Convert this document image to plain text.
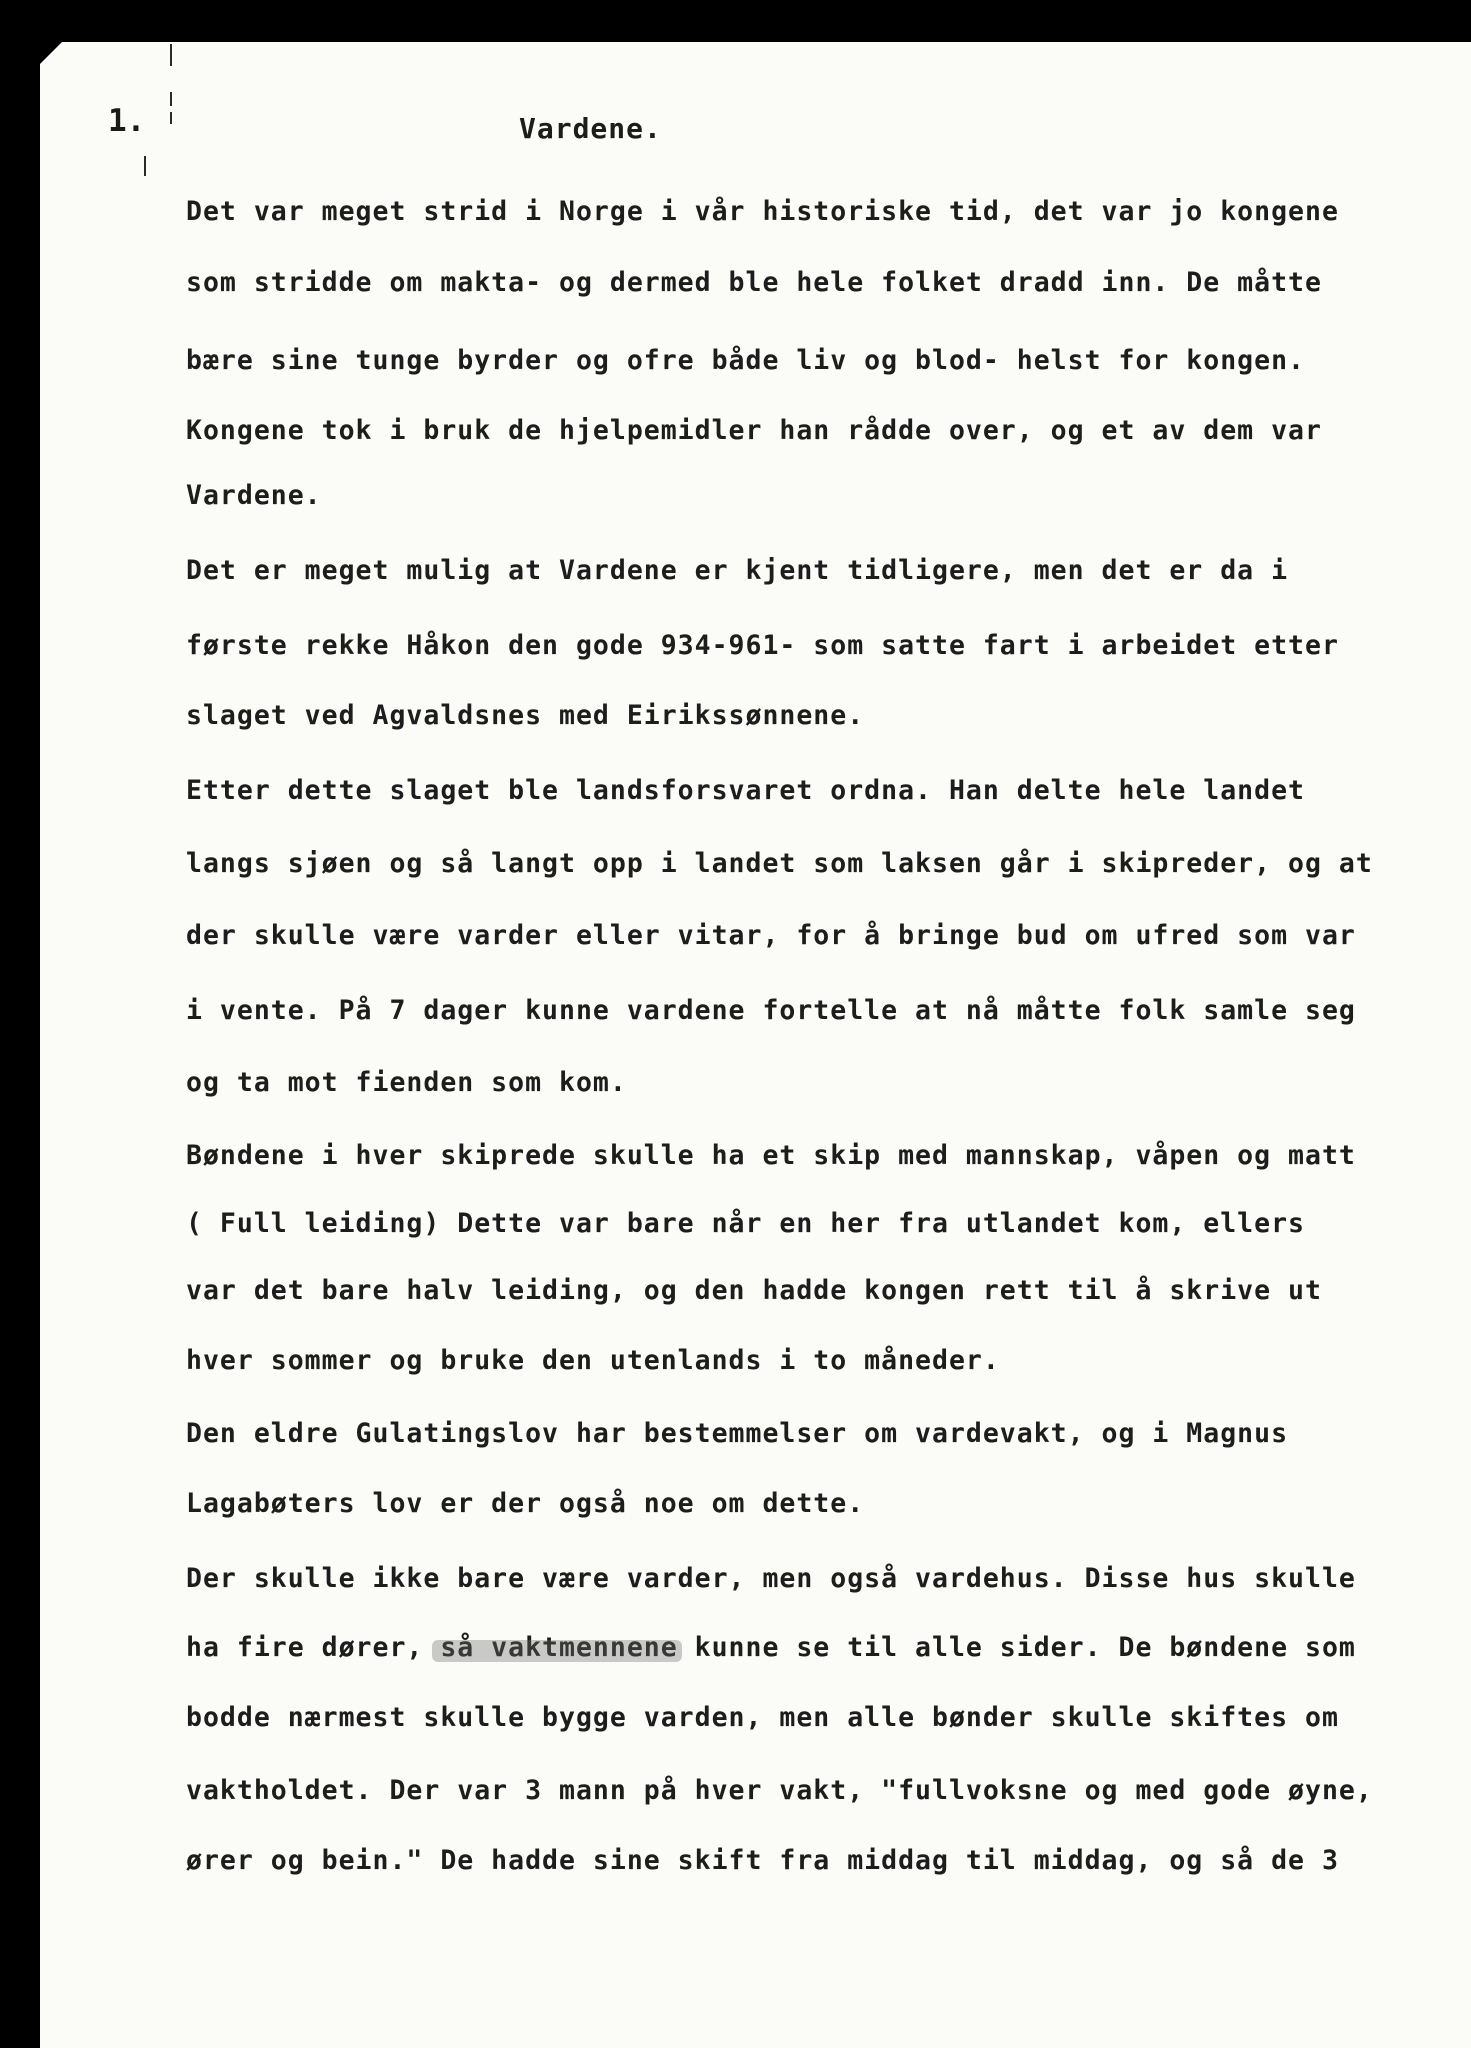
1.	Vardene.

Det var meget strid i Norge i vår historiske tid, det var jo kongene

som stridde om makta- og dermed ble hele folket dradd inn. De måtte

bære sine tunge byrder og ofre både liv og blod- helst for kongen.

Kongene tok i bruk de hjelpemidler han rådde over, og et av dem var

Vardene.

Det er meget mulig at Vardene er kjent tidligere, men det er da i

første rekke Håkon den gode 934-961- som satte fart i arbeidet etter

slaget ved Agvaldsnes med Eirikssønnene.

Etter dette slaget ble landsforsvaret ordna. Han delte hele landet

langs sjøen og så langt opp i landet som laksen går i skipreder, og at

der skulle være varder eller vitar, for å bringe bud om ufred som var

i vente. På 7 dager kunne vardene fortelle at nå måtte folk samle seg

og ta mot fienden som kom.

Bøndene i hver skiprede skulle ha et skip med mannskap, våpen og matt

( Full leiding) Dette var bare når en her fra utlandet kom, ellers

var det bare halv leiding, og den hadde kongen rett til å skrive ut

hver sommer og bruke den utenlands i to måneder.

Den eldre Gulatingslov har bestemmelser om vardevakt, og i Magnus

Lagabøters lov er der også noe om dette.

Der skulle ikke bare være varder, men også vardehus. Disse hus skulle

ha fire dører, så vaktmennene kunne se til alle sider. De bøndene som

bodde nærmest skulle bygge varden, men alle bønder skulle skiftes om

vaktholdet. Der var 3 mann på hver vakt, "fullvoksne og med gode øyne,

ører og bein." De hadde sine skift fra middag til middag, og så de 3
